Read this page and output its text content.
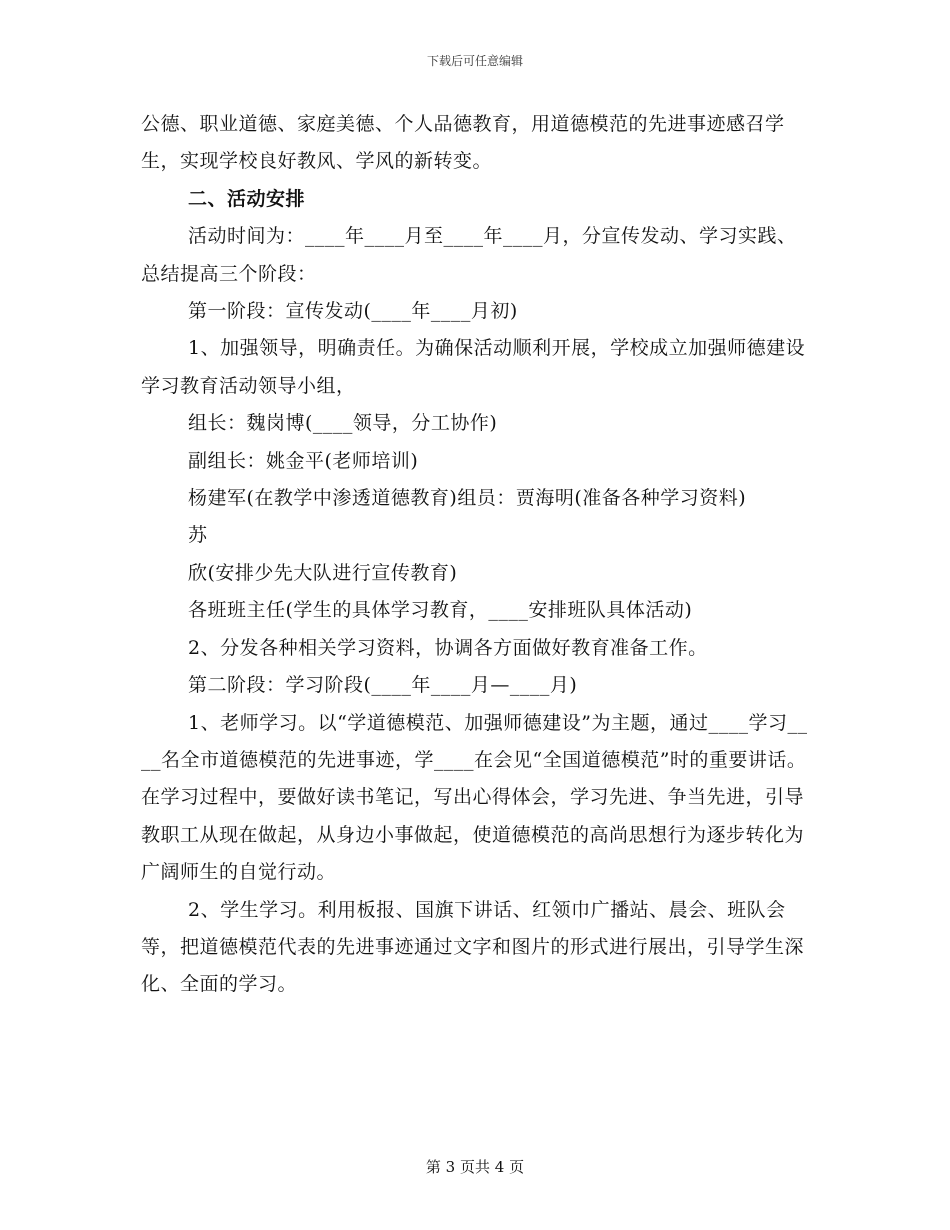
下载后可任意编辑

公德、职业道德、家庭美德、个人品德教育，用道德模范的先进事迹感召学生，实现学校良好教风、学风的新转变。

二、活动安排

活动时间为：____年____月至____年____月，分宣传发动、学习实践、总结提高三个阶段：

第一阶段：宣传发动(____年____月初)

1、加强领导，明确责任。为确保活动顺利开展，学校成立加强师德建设学习教育活动领导小组，

组长：魏岗博(____领导，分工协作)

副组长：姚金平(老师培训)

杨建军(在教学中渗透道德教育)组员：贾海明(准备各种学习资料)

苏

欣(安排少先大队进行宣传教育)

各班班主任(学生的具体学习教育，____安排班队具体活动)

2、分发各种相关学习资料，协调各方面做好教育准备工作。

第二阶段：学习阶段(____年____月—____月)

1、老师学习。以“学道德模范、加强师德建设”为主题，通过____学习____名全市道德模范的先进事迹，学____在会见“全国道德模范”时的重要讲话。在学习过程中，要做好读书笔记，写出心得体会，学习先进、争当先进，引导教职工从现在做起，从身边小事做起，使道德模范的高尚思想行为逐步转化为广阔师生的自觉行动。

2、学生学习。利用板报、国旗下讲话、红领巾广播站、晨会、班队会等，把道德模范代表的先进事迹通过文字和图片的形式进行展出，引导学生深化、全面的学习。

第 3 页共 4 页
